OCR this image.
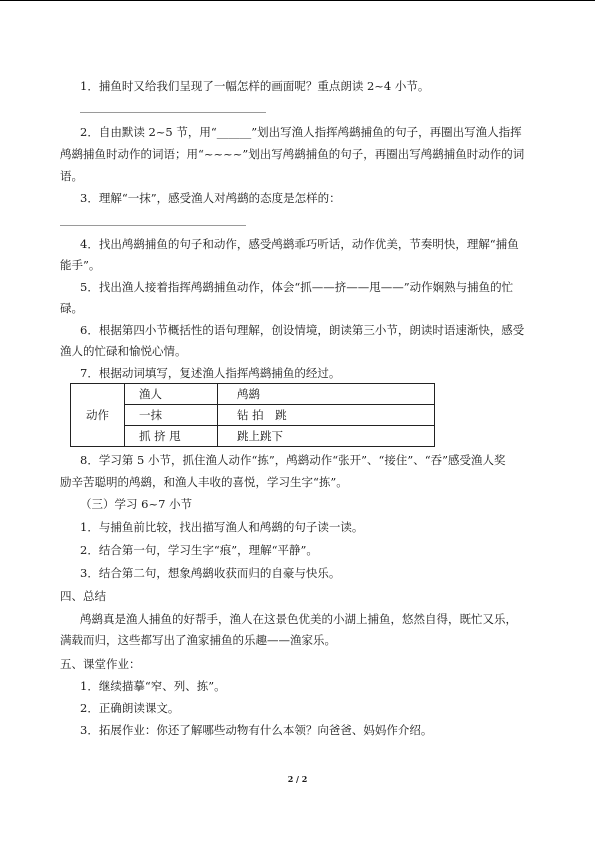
1．捕鱼时又给我们呈现了一幅怎样的画面呢？重点朗读 2~4 小节。
2．自由默读 2~5 节，用“______”划出写渔人指挥鸬鹚捕鱼的句子，再圈出写渔人指挥
鸬鹚捕鱼时动作的词语；用“~~~~”划出写鸬鹚捕鱼的句子，再圈出写鸬鹚捕鱼时动作的词
语。
3．理解“一抹”，感受渔人对鸬鹚的态度是怎样的：
4．找出鸬鹚捕鱼的句子和动作，感受鸬鹚乖巧听话，动作优美，节奏明快，理解“捕鱼
能手”。
5．找出渔人接着指挥鸬鹚捕鱼动作，体会“抓——挤——甩——”动作娴熟与捕鱼的忙
碌。
6．根据第四小节概括性的语句理解，创设情境，朗读第三小节，朗读时语速渐快，感受
渔人的忙碌和愉悦心情。
7．根据动词填写，复述渔人指挥鸬鹚捕鱼的经过。
动作	渔人	鸬鹚
	一抹	钻 拍　跳
	抓 挤 甩	跳上跳下
8．学习第 5 小节，抓住渔人动作“拣”，鸬鹚动作“张开”、“接住”、“吞”感受渔人奖
励辛苦聪明的鸬鹚，和渔人丰收的喜悦，学习生字“拣”。
（三）学习 6~7 小节
1．与捕鱼前比较，找出描写渔人和鸬鹚的句子读一读。
2．结合第一句，学习生字“痕”，理解“平静”。
3．结合第二句，想象鸬鹚收获而归的自豪与快乐。
四、总结
鸬鹚真是渔人捕鱼的好帮手，渔人在这景色优美的小湖上捕鱼，悠然自得，既忙又乐，
满载而归，这些都写出了渔家捕鱼的乐趣——渔家乐。
五、课堂作业：
1．继续描摹“窄、列、拣”。
2．正确朗读课文。
3．拓展作业：你还了解哪些动物有什么本领？向爸爸、妈妈作介绍。
2 / 2
